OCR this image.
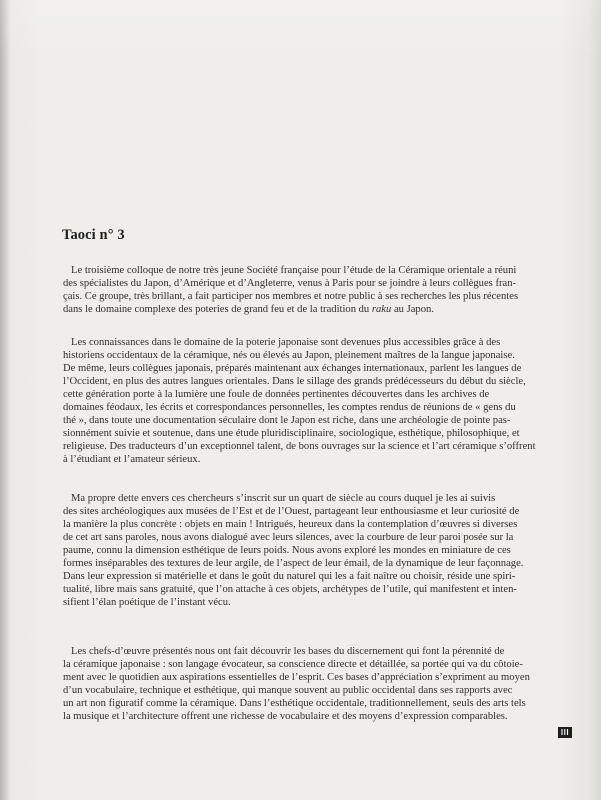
Taoci n° 3
Le troisième colloque de notre très jeune Société française pour l’étude de la Céramique orientale a réuni
des spécialistes du Japon, d’Amérique et d’Angleterre, venus à Paris pour se joindre à leurs collègues fran-
çais. Ce groupe, très brillant, a fait participer nos membres et notre public à ses recherches les plus récentes
dans le domaine complexe des poteries de grand feu et de la tradition du raku au Japon.
Les connaissances dans le domaine de la poterie japonaise sont devenues plus accessibles grâce à des
historiens occidentaux de la céramique, nés ou élevés au Japon, pleinement maîtres de la langue japonaise.
De même, leurs collègues japonais, préparés maintenant aux échanges internationaux, parlent les langues de
l’Occident, en plus des autres langues orientales. Dans le sillage des grands prédécesseurs du début du siècle,
cette génération porte à la lumière une foule de données pertinentes découvertes dans les archives de
domaines féodaux, les écrits et correspondances personnelles, les comptes rendus de réunions de « gens du
thé », dans toute une documentation séculaire dont le Japon est riche, dans une archéologie de pointe pas-
sionnément suivie et soutenue, dans une étude pluridisciplinaire, sociologique, esthétique, philosophique, et
religieuse. Des traducteurs d’un exceptionnel talent, de bons ouvrages sur la science et l’art céramique s’offrent
à l’étudiant et l’amateur sérieux.
Ma propre dette envers ces chercheurs s’inscrit sur un quart de siècle au cours duquel je les ai suivis
des sites archéologiques aux musées de l’Est et de l’Ouest, partageant leur enthousiasme et leur curiosité de
la manière la plus concrète : objets en main ! Intrigués, heureux dans la contemplation d’œuvres si diverses
de cet art sans paroles, nous avons dialogué avec leurs silences, avec la courbure de leur paroi posée sur la
paume, connu la dimension esthétique de leurs poids. Nous avons exploré les mondes en miniature de ces
formes inséparables des textures de leur argile, de l’aspect de leur émail, de la dynamique de leur façonnage.
Dans leur expression si matérielle et dans le goût du naturel qui les a fait naître ou choisir, réside une spiri-
tualité, libre mais sans gratuité, que l’on attache à ces objets, archétypes de l’utile, qui manifestent et inten-
sifient l’élan poétique de l’instant vécu.
Les chefs-d’œuvre présentés nous ont fait découvrir les bases du discernement qui font la pérennité de
la céramique japonaise : son langage évocateur, sa conscience directe et détaillée, sa portée qui va du côtoie-
ment avec le quotidien aux aspirations essentielles de l’esprit. Ces bases d’appréciation s’expriment au moyen
d’un vocabulaire, technique et esthétique, qui manque souvent au public occidental dans ses rapports avec
un art non figuratif comme la céramique. Dans l’esthétique occidentale, traditionnellement, seuls des arts tels
la musique et l’architecture offrent une richesse de vocabulaire et des moyens d’expression comparables.
III
